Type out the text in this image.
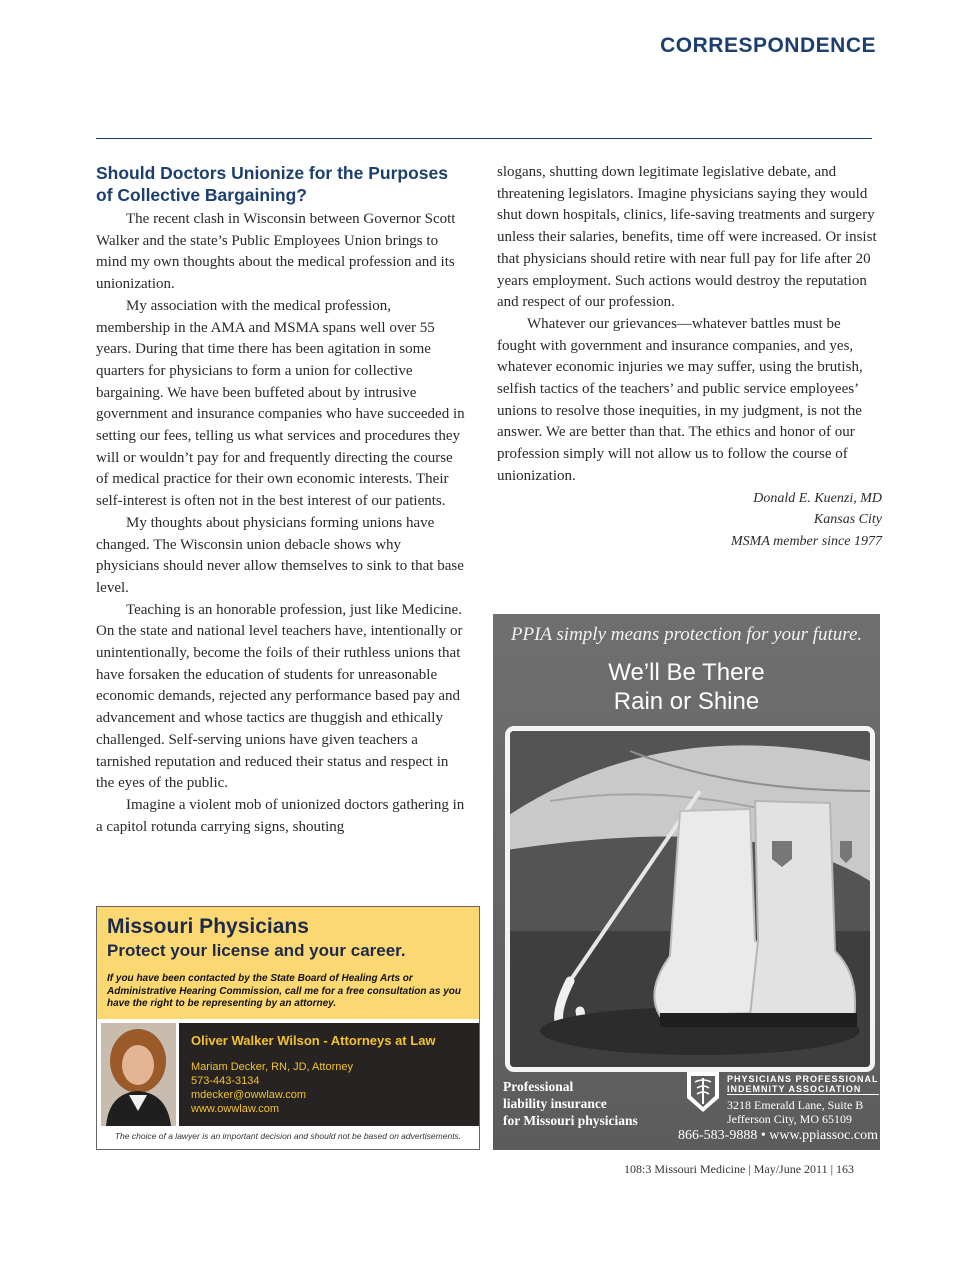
CORRESPONDENCE
Should Doctors Unionize for the Purposes of Collective Bargaining?

The recent clash in Wisconsin between Governor Scott Walker and the state’s Public Employees Union brings to mind my own thoughts about the medical profession and its unionization.

My association with the medical profession, membership in the AMA and MSMA spans well over 55 years. During that time there has been agitation in some quarters for physicians to form a union for collective bargaining. We have been buffeted about by intrusive government and insurance companies who have succeeded in setting our fees, telling us what services and procedures they will or wouldn’t pay for and frequently directing the course of medical practice for their own economic interests. Their self-interest is often not in the best interest of our patients.

My thoughts about physicians forming unions have changed. The Wisconsin union debacle shows why physicians should never allow themselves to sink to that base level.

Teaching is an honorable profession, just like Medicine. On the state and national level teachers have, intentionally or unintentionally, become the foils of their ruthless unions that have forsaken the education of students for unreasonable economic demands, rejected any performance based pay and advancement and whose tactics are thuggish and ethically challenged. Self-serving unions have given teachers a tarnished reputation and reduced their status and respect in the eyes of the public.

Imagine a violent mob of unionized doctors gathering in a capitol rotunda carrying signs, shouting

slogans, shutting down legitimate legislative debate, and threatening legislators. Imagine physicians saying they would shut down hospitals, clinics, life-saving treatments and surgery unless their salaries, benefits, time off were increased. Or insist that physicians should retire with near full pay for life after 20 years employment. Such actions would destroy the reputation and respect of our profession.

Whatever our grievances—whatever battles must be fought with government and insurance companies, and yes, whatever economic injuries we may suffer, using the brutish, selfish tactics of the teachers’ and public service employees’ unions to resolve those inequities, in my judgment, is not the answer. We are better than that. The ethics and honor of our profession simply will not allow us to follow the course of unionization.

Donald E. Kuenzi, MD
Kansas City
MSMA member since 1977
PPIA simply means protection for your future.
We’ll Be There
Rain or Shine
Professional
liability insurance
for Missouri physicians
PHYSICIANS PROFESSIONAL
INDEMNITY ASSOCIATION
3218 Emerald Lane, Suite B
Jefferson City, MO 65109
866-583-9888 • www.ppiassoc.com
Missouri Physicians
Protect your license and your career.
If you have been contacted by the State Board of Healing Arts or Administrative Hearing Commission, call me for a free consultation as you have the right to be representing by an attorney.
Oliver Walker Wilson - Attorneys at Law
Mariam Decker, RN, JD, Attorney
573-443-3134
mdecker@owwlaw.com
www.owwlaw.com
The choice of a lawyer is an important decision and should not be based on advertisements.
108:3 Missouri Medicine | May/June 2011 | 163
